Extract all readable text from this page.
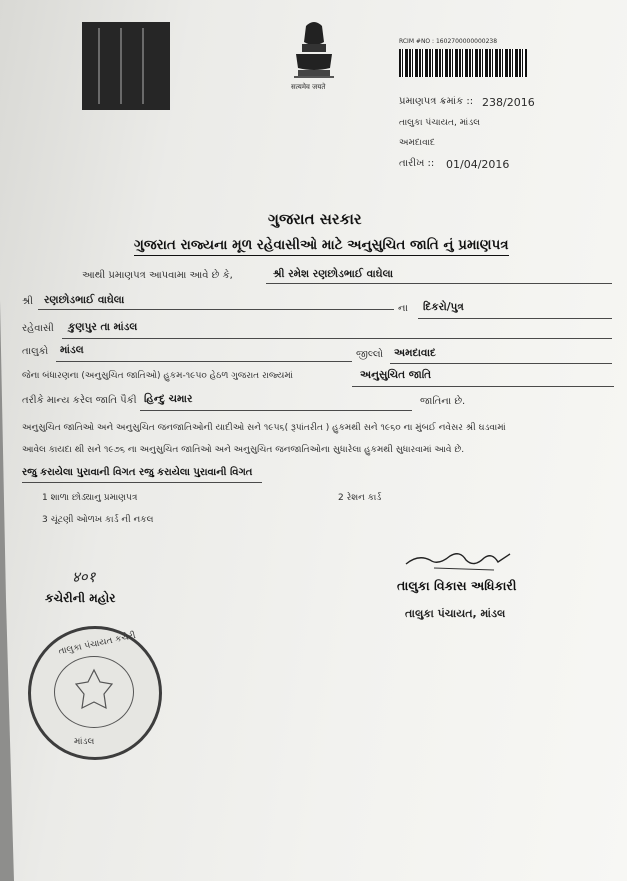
सत्यमेव जयते
RCIM #NO : 1602700000000238
પ્રમાણપત્ર ક્રમાંક :: 238/2016
તાલુકા પંચાયત, માંડલ
અમદાવાદ
તારીખ :: 01/04/2016
ગુજરાત સરકાર
ગુજરાત રાજ્યના મૂળ રહેવાસીઓ માટે અનુસુચિત જાતિ નું પ્રમાણપત્ર
આથી પ્રમાણપત્ર આપવામા આવે છે કે,	શ્રી રમેશ રણછોડભાઈ વાઘેલા
શ્રી રણછોડભાઈ વાઘેલા
ના દિકરો/પુત્ર
રહેવાસી કુણપુર તા માંડલ
તાલુકો માંડલ	જીલ્લો અમદાવાદ
જેના બંધારણના (અનુસુચિત જાતિઓ) હુકમ-૧૯૫૦ હેઠળ ગુજરાત રાજ્યમાં	અનુસુચિત જાતિ
તરીકે માન્ય કરેલ જાતિ પૈકી હિન્દુ ચમાર	જાતિના છે.
અનુસુચિત જાતિઓ અને અનુસુચિત જનજાતિઓની યાદીઓ સને ૧૯૫૬( રૂપાંતરીત ) હુકમથી સને ૧૯૬૦ ના મુંબઈ નવેસર શ્રી ઘડવામાં
આવેલ કાયદા થી સને ૧૯૭૬ ના અનુસુચિત જાતિઓ અને અનુસુચિત જનજાતિઓના સુધારેલા હુકમથી સુધારવામાં આવે છે.
રજુ કરાયેલા પુરાવાની વિગત રજુ કરાયેલા પુરાવાની વિગત
1 શાળા છોડ્યાનુ પ્રમાણપત્ર	2 રેશન કાર્ડ
3 ચૂંટણી ઓળખ કાર્ડ ની નકલ
४०१
કચેરીની મહોર
તાલુકા વિકાસ અધિકારી
તાલુકા પંચાયત, માંડલ
તાલુકા પંચાયત કચેરી
માંડલ
